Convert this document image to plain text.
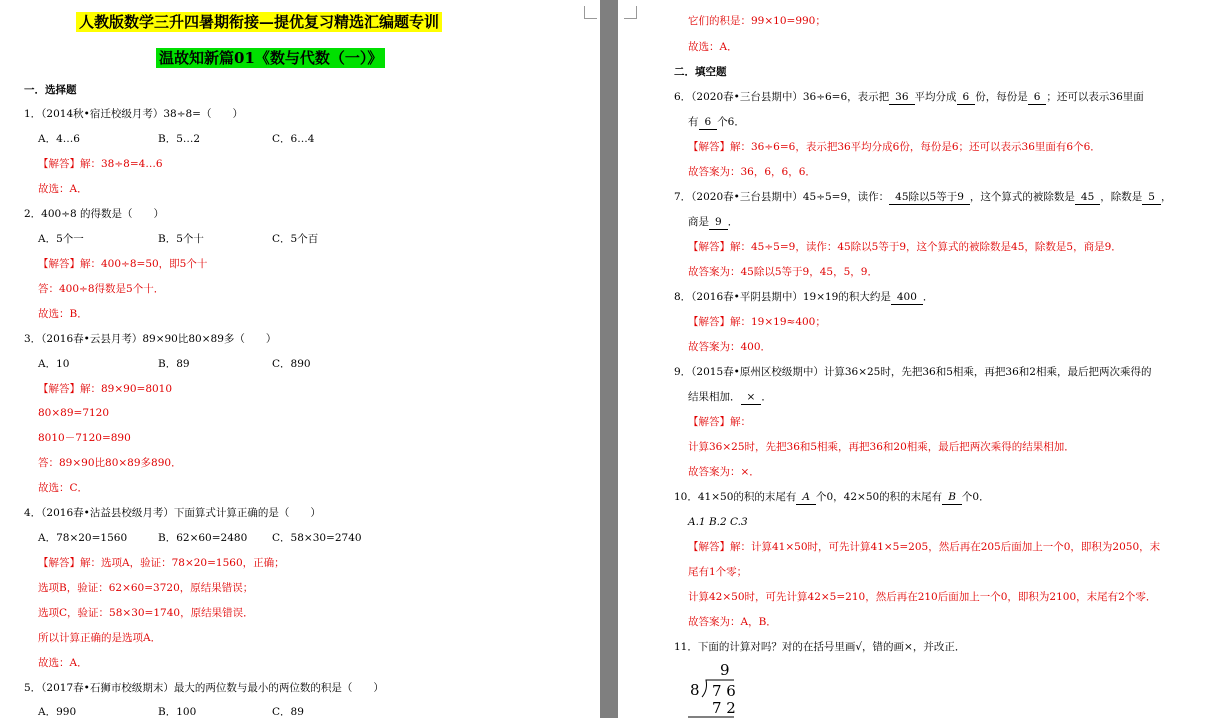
人教版数学三升四暑期衔接—提优复习精选汇编题专训
温故知新篇01《数与代数（一）》
一．选择题
1．（2014秋•宿迁校级月考）38÷8=（　　）
A．4…6	B．5…2	C．6…4
【解答】解：38÷8=4…6
故选：A．
2．400÷8 的得数是（　　）
A．5个一	B．5个十	C．5个百
【解答】解：400÷8=50，即5个十
答：400÷8得数是5个十．
故选：B．
3．（2016春•云县月考）89×90比80×89多（　　）
A．10	B．89	C．890
【解答】解：89×90=8010
80×89=7120
8010－7120=890
答：89×90比80×89多890．
故选：C．
4．（2016春•沾益县校级月考）下面算式计算正确的是（　　）
A．78×20=1560	B．62×60=2480 C．58×30=2740
【解答】解：选项A，验证：78×20=1560，正确；
选项B，验证：62×60=3720，原结果错误；
选项C，验证：58×30=1740，原结果错误．
所以计算正确的是选项A．
故选：A．
5．（2017春•石狮市校级期末）最大的两位数与最小的两位数的积是（　　）
A．990	B．100	C．89
它们的积是：99×10=990；
故选：A．
二．填空题
6．（2020春•三台县期中）36÷6=6，表示把 36 平均分成 6 份，每份是 6 ；还可以表示36里面
有 6 个6．
【解答】解：36÷6=6，表示把36平均分成6份，每份是6；还可以表示36里面有6个6．
故答案为：36，6，6，6．
7．（2020春•三台县期中）45÷5=9，读作： 45除以5等于9 ，这个算式的被除数是 45 ，除数是 5 ，
商是 9 ．
【解答】解：45÷5=9，读作：45除以5等于9，这个算式的被除数是45，除数是5，商是9．
故答案为：45除以5等于9，45，5，9．
8．（2016春•平阴县期中）19×19的积大约是 400 ．
【解答】解：19×19≈400；
故答案为：400．
9．（2015春•原州区校级期中）计算36×25时，先把36和5相乘，再把36和2相乘，最后把两次乘得的
结果相加． × ．
【解答】解：
计算36×25时，先把36和5相乘，再把36和20相乘，最后把两次乘得的结果相加．
故答案为：×．
10．41×50的积的末尾有 A 个0，42×50的积的末尾有 B 个0．
A.1 B.2 C.3
【解答】解：计算41×50时，可先计算41×5=205，然后再在205后面加上一个0，即积为2050，末
尾有1个零；
计算42×50时，可先计算42×5=210，然后再在210后面加上一个0，即积为2100，末尾有2个零．
故答案为：A，B．
11．下面的计算对吗？对的在括号里画√，错的画×，并改正．
9
8 7 6
7 2
